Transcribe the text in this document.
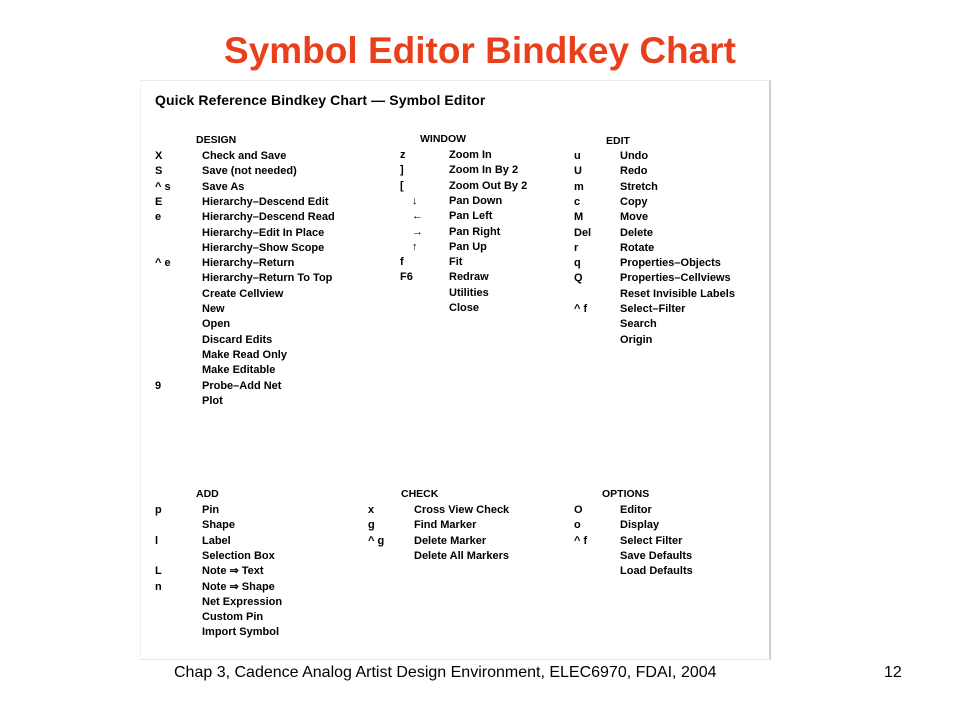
Symbol Editor Bindkey Chart
Quick Reference Bindkey Chart — Symbol Editor
DESIGN	WINDOW	EDIT
ADD	CHECK	OPTIONS
X	Check and Save
S	Save (not needed)
^ s	Save As
E	Hierarchy–Descend Edit
e	Hierarchy–Descend Read
Hierarchy–Edit In Place
Hierarchy–Show Scope
^ e	Hierarchy–Return
Hierarchy–Return To Top
Create Cellview
New
Open
Discard Edits
Make Read Only
Make Editable
9	Probe–Add Net
Plot
z	Zoom In
]	Zoom In By 2
[	Zoom Out By 2
↓	Pan Down
← Pan Left
→ Pan Right
↑	Pan Up
f	Fit
F6	Redraw
Utilities
Close
u	Undo
U	Redo
m	Stretch
c	Copy
M	Move
Del	Delete
r	Rotate
q	Properties–Objects
Q	Properties–Cellviews
Reset Invisible Labels
^ f	Select–Filter
Search
Origin
p	Pin
Shape
l	Label
Selection Box
L	Note ⇒ Text
n	Note ⇒ Shape
Net Expression
Custom Pin
Import Symbol
x	Cross View Check
g	Find Marker
^ g	Delete Marker
Delete All Markers
O	Editor
o	Display
^ f	Select Filter
Save Defaults
Load Defaults
Chap 3, Cadence Analog Artist Design Environment, ELEC6970, FDAI, 2004	12
